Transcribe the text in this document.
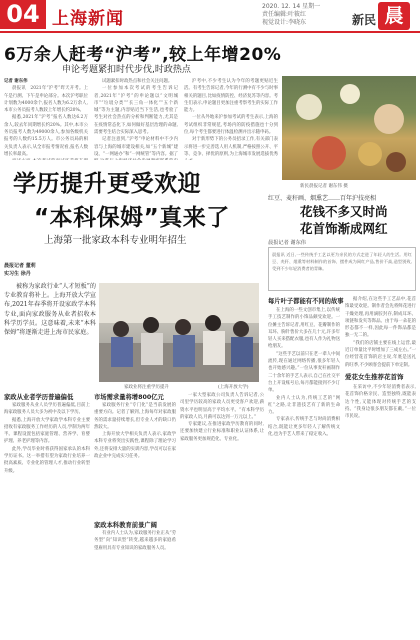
04 上海新闻
2020. 12. 14 星期一
责任编辑:叶筱红
视觉设计:李晓东	新民 晨
6万余人赶考“沪考”,较上年增20%
申论考题紧扣时代步伐,时政热点

记者 谢东伟

晨报讯　2021年“沪考”昨天开考。上午是行测、下午是申论部分。本次沪考职位计划数为4000余个,报名人数为6.2万余人,本市公务员报考人数较上年增长约20%。

据悉,2021年“沪考”报名人数达6.2万余人,较去年同期增长约20%。其中,本市公务员报考人数为49000余人,参加各级机关报考的人数约15.5万人。市公务员局的相关负责人表示,从全市报考情况看,报名人数增长率最高。

试题紧扣时政热点和社会关注问题。

一位参加本次考试的考生告诉记者,2021年“沪考”的申论题以“文明城市”“垃圾分类”“长三角一体化”“五个新城”等为主题,内容贴近当下生活,也考验了考生对社会热点的分析和判断能力,尤其是在疫情常态化下,如何做好基层治理的命题,需要考生结合实际深入思考。

记者注意到,“沪考”申论材料中不少内容与上海的城市建设相关,如“五个新城”建设、“一网通办”和“一网统管”等内容。据了

沪考中,不少考生认为今年的考题更贴近生活。有考生告诉记者,今年的行测中有不少与时事相关的题目,比如疫情防控、经济复苏等内容。考生们表示,申论题目更加注重考察考生的实际工作能力。

一位从外地来沪参加考试的考生表示,上海的考试组织非常规范,考场内的防疫措施也十分到位,每个考生都要进行体温检测并出示随申码。

对于新形势下的公务员招录工作,有关部门表示将进一步完善选人用人机制,严格按照公开、平等、竞争、择优的原则,为上海城市发展选拔优秀

新民晨报记者 谢东伟 摄
红豆、麦秆画、烟熏艺……百年沪技亮相
花钱不多又时尚
花首饰渐成网红
晨报记者 谢东伟
晨报讯 近日,一些传统手工艺以更为亲民的方式走进了年轻人的生活。用红豆、麦秆、烟熏等材料制作的首饰、摆件成为网红产品,售价不高,造型别致,受到不少年轻消费者的青睐。
每片叶子都能有不同的故事

在上海的一些文创市集上,以传统手工技艺制作的小饰品颇受欢迎。一位摊主告诉记者,用红豆、花瓣制作的耳环、胸针售价大多在几十元,许多年轻人买来搭配衣服,也有人作为礼物送给朋友。

“这些手艺以前只在老一辈人中间流传,现在通过网络传播,很多年轻人也开始感兴趣。”一位从事麦秆画制作二十余年的手艺人表示,自己在社交平台上开设账号后,每月都能接到不少订单。

业内人士认为,传统工艺的“网红”之路,让非遗技艺有了新的生命力。

专家表示,传统手艺与时尚消费相结合,既能让更多年轻人了解传统文化,也为手艺人带来了稳定收入。

据介绍,在这些手工艺品中,花首饰最受欢迎。制作者会先将鲜花进行干燥处理,再用滴胶封存,制成耳环、项链和发夹等饰品。由于每一朵花的形态都不一样,因此每一件饰品都是独一无二的。

“我们的店铺主要在线上运营,最近订单量比平时增加了三成左右。”一位经营花首饰的店主说,年底是送礼的旺季,不少顾客会提前下单定制。

爱花女生推荐花首饰

在采访中,不少年轻消费者表示,花首饰价格亲民、造型独特,既能表达个性,又能体现对传统手艺的支持。“我身边很多朋友都在戴。”一位市民说。

学历提升更受欢迎
“本科保姆”真来了
上海第一批家政本科专业明年招生

晨报记者 董莉

实习生 徐丹

被称为家政行业“人才短板”的专业教育将补上。上海开放大学宣布,2021年春季将开设家政学本科专业,面向家政服务从业者招收本科学历学员。这意味着,未来“本科保姆”将逐渐走进上海市民家庭。

家政业将注重学历提升	(上海开放大学)
家政从业者学历普遍偏低

家政服务从业人员学历普遍偏低,目前上海家政服务人员大多为初中及以下学历。

据悉,上海开放大学家政学本科专业主要招收有家政服务工作经历的人员,学制为两年半。课程设置包括家庭管理、营养学、育婴护理、养老护理等内容。

此外,学员毕业时将获得国家承认的本科学历证书。这一举措有望为家政行业培养一批高素质、专业化的管理人才,推动行业转型升级。

市场需求量将增800亿元

家政服务行业“专门化”是当前发展的重要方向。记者了解到,上海每年对家政服务的需求量持续增长,但专业人才的缺口仍然较大。

上海开放大学相关负责人表示,家政学本科专业将突出实践性,课程除了理论学习外,还将安排大量的实训内容,学员可以在家政企业中完成实习任务。

家政本科教育前景广阔

有业内人士认为,家政服务行业正从“劳务型”向“知识型”转变,越来越多的家庭希望雇用具有专业知识的家政服务人员。

一家大型家政公司负责人告诉记者,公司里学历较高的家政人员更受客户欢迎,薪资水平也明显高于平均水平。“有本科学历的家政人员,月薪可以达到一万元以上。”

专家建议,在推进家政学历教育的同时,还要加快建立行业标准和职业认证体系,让家政服务更加规范化、专业化。
